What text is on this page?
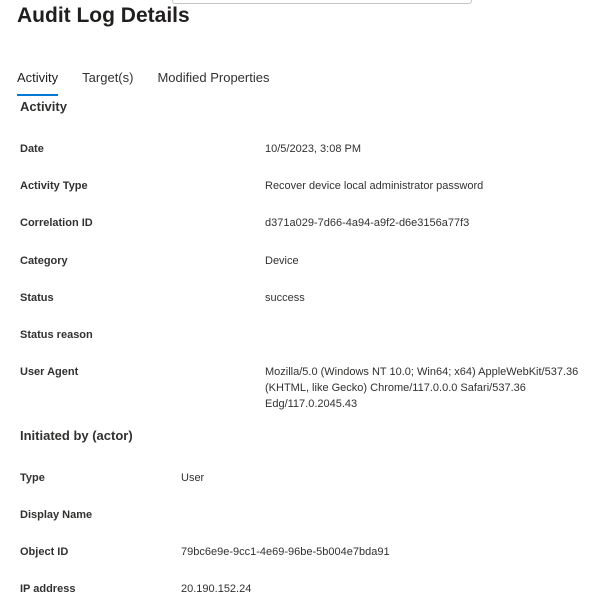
Audit Log Details
Activity Target(s) Modified Properties
Activity
Date	10/5/2023, 3:08 PM
Activity Type	Recover device local administrator password
Correlation ID	d371a029-7d66-4a94-a9f2-d6e3156a77f3
Category	Device
Status	success
Status reason
User Agent	Mozilla/5.0 (Windows NT 10.0; Win64; x64) AppleWebKit/537.36
(KHTML, like Gecko) Chrome/117.0.0.0 Safari/537.36
Edg/117.0.2045.43
Initiated by (actor)
Type	User
Display Name
Object ID	79bc6e9e-9cc1-4e69-96be-5b004e7bda91
IP address	20.190.152.24
